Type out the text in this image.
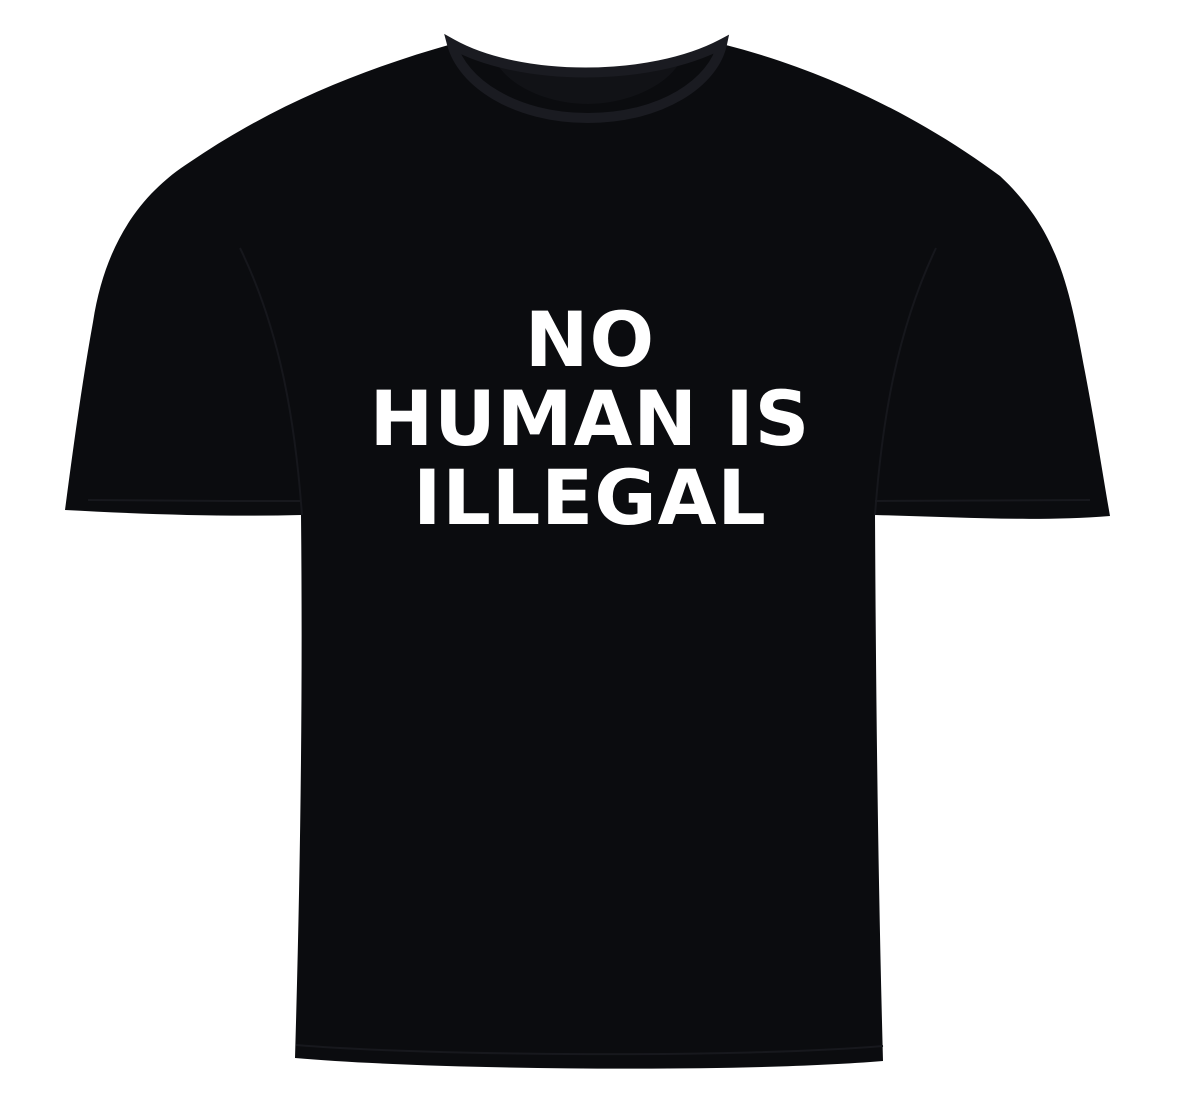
NO
HUMAN IS
ILLEGAL
